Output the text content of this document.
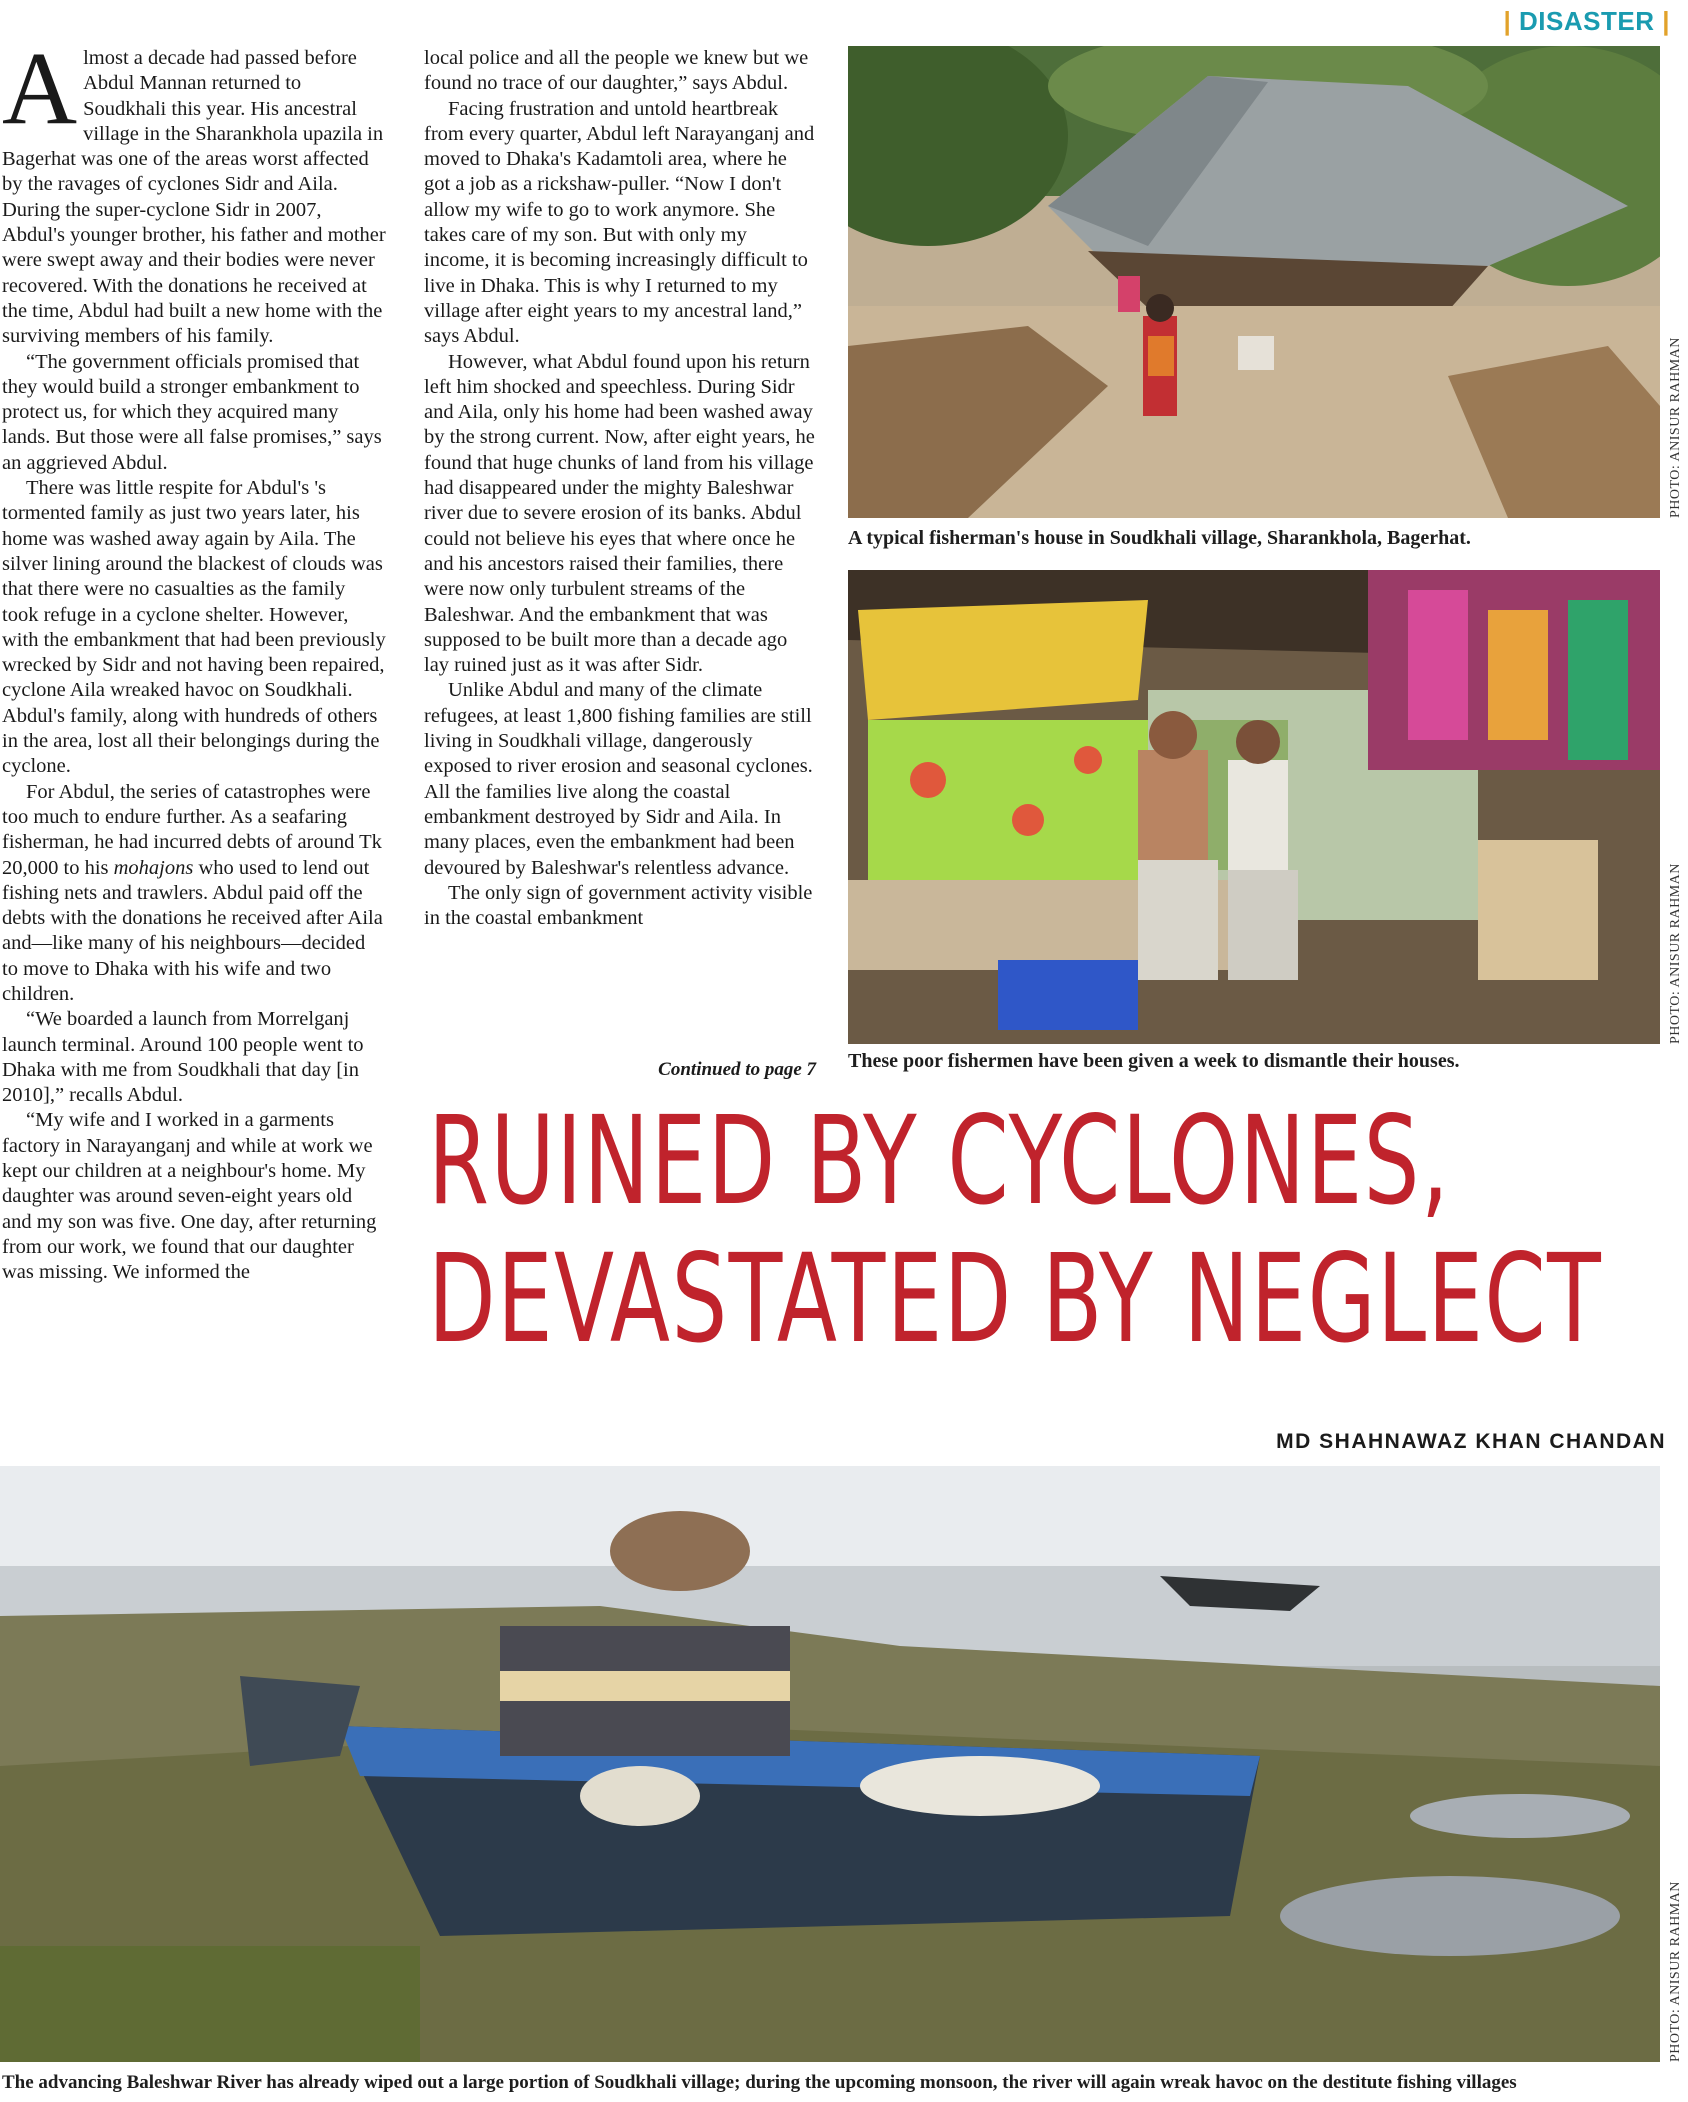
| DISASTER |

Almost a decade had passed before Abdul Mannan returned to Soudkhali this year. His ancestral village in the Sharankhola upazila in Bagerhat was one of the areas worst affected by the ravages of cyclones Sidr and Aila. During the super-cyclone Sidr in 2007, Abdul's younger brother, his father and mother were swept away and their bodies were never recovered. With the donations he received at the time, Abdul had built a new home with the surviving members of his family.

“The government officials promised that they would build a stronger embankment to protect us, for which they acquired many lands. But those were all false promises,” says an aggrieved Abdul.

There was little respite for Abdul's 's tormented family as just two years later, his home was washed away again by Aila. The silver lining around the blackest of clouds was that there were no casualties as the family took refuge in a cyclone shelter. However, with the embankment that had been previously wrecked by Sidr and not having been repaired, cyclone Aila wreaked havoc on Soudkhali. Abdul's family, along with hundreds of others in the area, lost all their belongings during the cyclone.

For Abdul, the series of catastrophes were too much to endure further. As a seafaring fisherman, he had incurred debts of around Tk 20,000 to his mohajons who used to lend out fishing nets and trawlers. Abdul paid off the debts with the donations he received after Aila and—like many of his neighbours—decided to move to Dhaka with his wife and two children.

“We boarded a launch from Morrelganj launch terminal. Around 100 people went to Dhaka with me from Soudkhali that day [in 2010],” recalls Abdul.

“My wife and I worked in a garments factory in Narayanganj and while at work we kept our children at a neighbour's home. My daughter was around seven-eight years old and my son was five. One day, after returning from our work, we found that our daughter was missing. We informed the

local police and all the people we knew but we found no trace of our daughter,” says Abdul.

Facing frustration and untold heartbreak from every quarter, Abdul left Narayanganj and moved to Dhaka's Kadamtoli area, where he got a job as a rickshaw-puller. “Now I don't allow my wife to go to work anymore. She takes care of my son. But with only my income, it is becoming increasingly difficult to live in Dhaka. This is why I returned to my village after eight years to my ancestral land,” says Abdul.

However, what Abdul found upon his return left him shocked and speechless. During Sidr and Aila, only his home had been washed away by the strong current. Now, after eight years, he found that huge chunks of land from his village had disappeared under the mighty Baleshwar river due to severe erosion of its banks. Abdul could not believe his eyes that where once he and his ancestors raised their families, there were now only turbulent streams of the Baleshwar. And the embankment that was supposed to be built more than a decade ago lay ruined just as it was after Sidr.

Unlike Abdul and many of the climate refugees, at least 1,800 fishing families are still living in Soudkhali village, dangerously exposed to river erosion and seasonal cyclones. All the families live along the coastal embankment destroyed by Sidr and Aila. In many places, even the embankment had been devoured by Baleshwar's relentless advance.

The only sign of government activity visible in the coastal embankment

Continued to page 7
PHOTO: ANISUR RAHMAN
A typical fisherman's house in Soudkhali village, Sharankhola, Bagerhat.
PHOTO: ANISUR RAHMAN
These poor fishermen have been given a week to dismantle their houses.
RUINED BY CYCLONES,
DEVASTATED BY NEGLECT
MD SHAHNAWAZ KHAN CHANDAN
PHOTO: ANISUR RAHMAN
The advancing Baleshwar River has already wiped out a large portion of Soudkhali village; during the upcoming monsoon, the river will again wreak havoc on the destitute fishing villages
